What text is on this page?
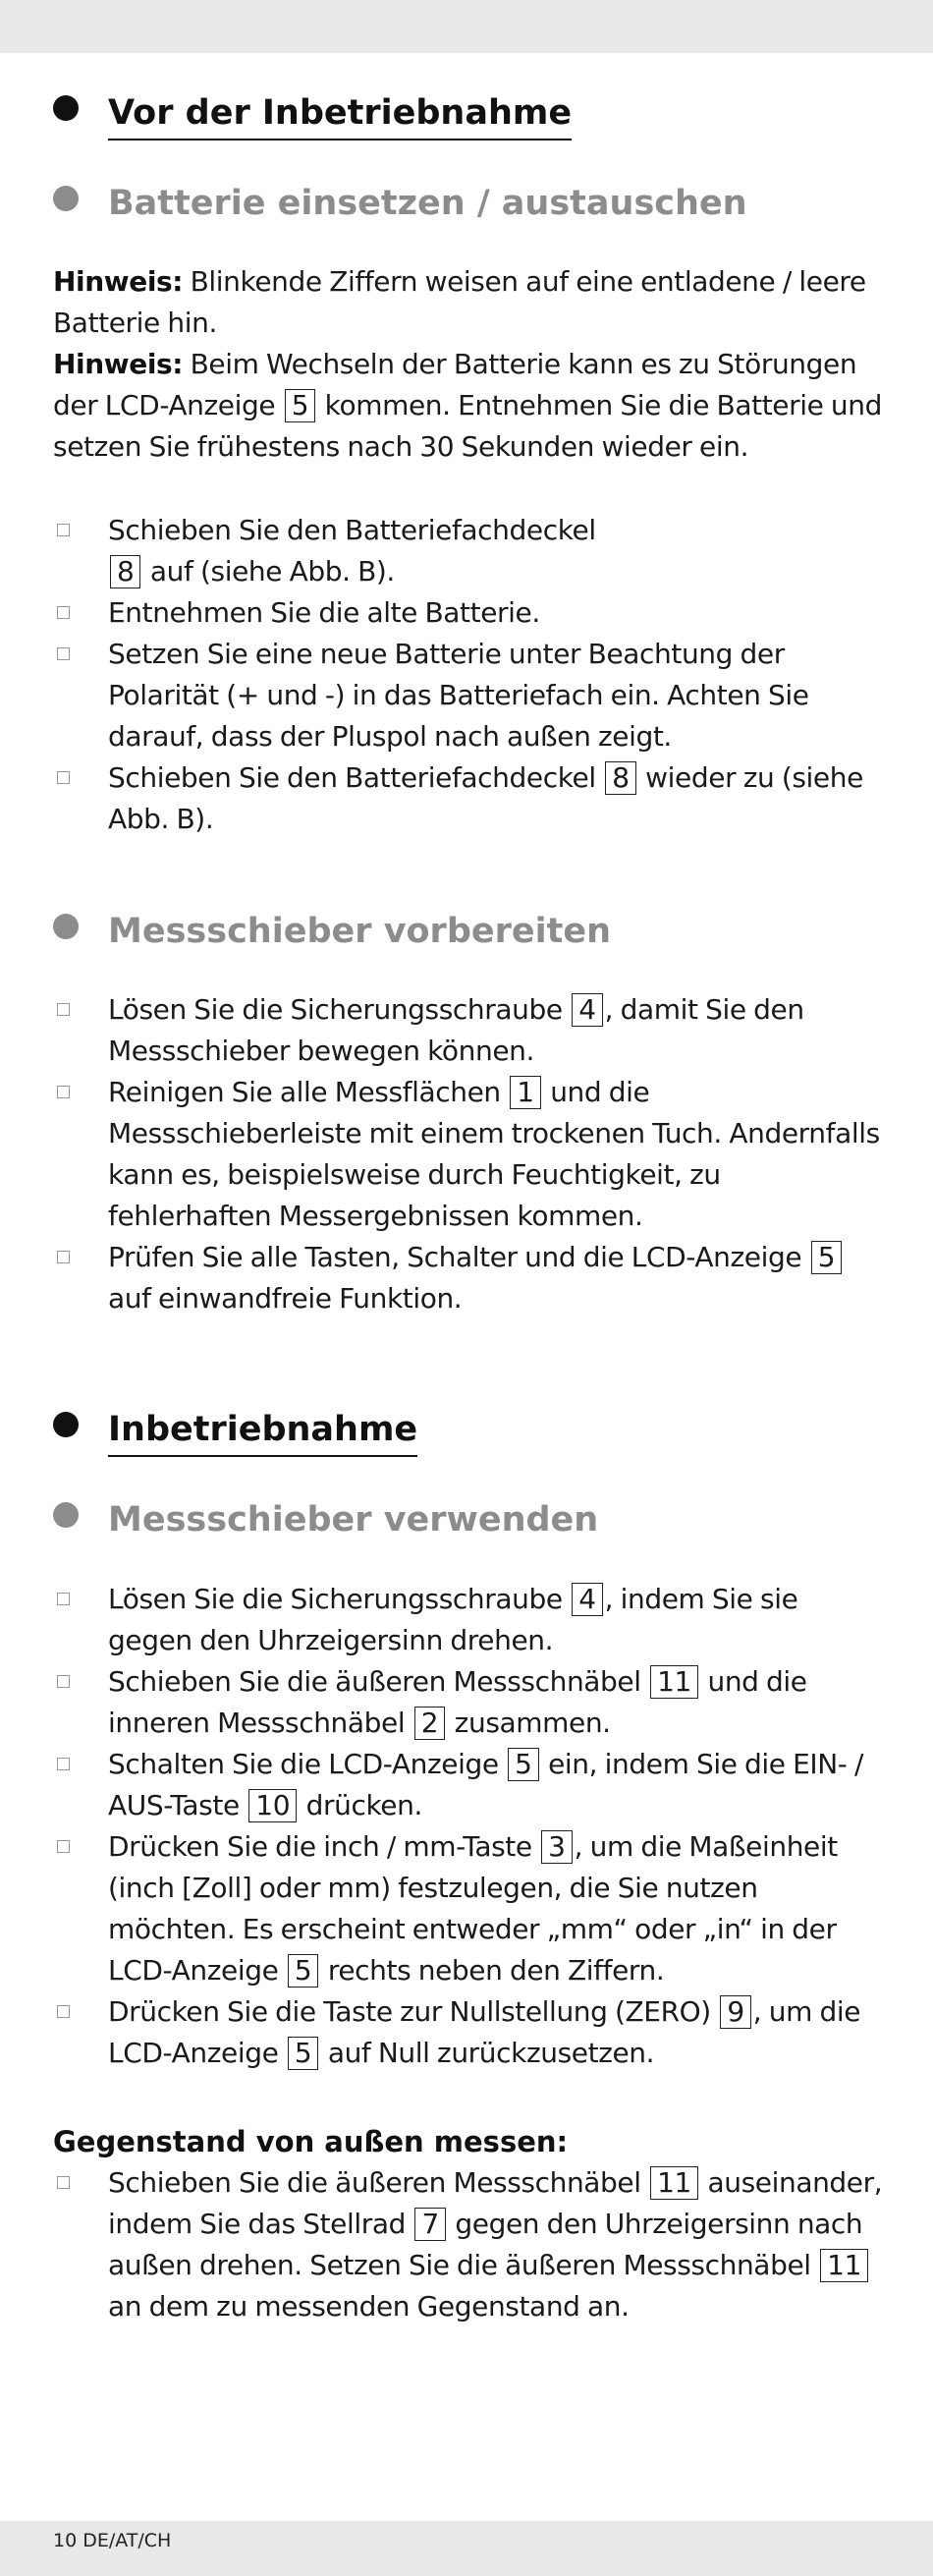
Vor der Inbetriebnahme
Batterie einsetzen / austauschen
Hinweis: Blinkende Ziffern weisen auf eine entladene / leere Batterie hin.
Hinweis: Beim Wechseln der Batterie kann es zu Störungen der LCD-Anzeige 5 kommen. Entnehmen Sie die Batterie und setzen Sie frühestens nach 30 Sekunden wieder ein.
Schieben Sie den Batteriefachdeckel 8 auf (siehe Abb. B).
Entnehmen Sie die alte Batterie.
Setzen Sie eine neue Batterie unter Beachtung der Polarität (+ und -) in das Batteriefach ein. Achten Sie darauf, dass der Pluspol nach außen zeigt.
Schieben Sie den Batteriefachdeckel 8 wieder zu (siehe Abb. B).
Messschieber vorbereiten
Lösen Sie die Sicherungsschraube 4 , damit Sie den Messschieber bewegen können.
Reinigen Sie alle Messflächen 1 und die Messschieberleiste mit einem trockenen Tuch. Andernfalls kann es, beispielsweise durch Feuchtigkeit, zu fehlerhaften Messergebnissen kommen.
Prüfen Sie alle Tasten, Schalter und die LCD-Anzeige 5 auf einwandfreie Funktion.
Inbetriebnahme
Messschieber verwenden
Lösen Sie die Sicherungsschraube 4 , indem Sie sie gegen den Uhrzeigersinn drehen.
Schieben Sie die äußeren Messschnäbel 11 und die inneren Messschnäbel 2 zusammen.
Schalten Sie die LCD-Anzeige 5 ein, indem Sie die EIN- / AUS-Taste 10 drücken.
Drücken Sie die inch / mm-Taste 3 , um die Maßeinheit (inch [Zoll] oder mm) festzulegen, die Sie nutzen möchten. Es erscheint entweder „mm“ oder „in“ in der LCD-Anzeige 5 rechts neben den Ziffern.
Drücken Sie die Taste zur Nullstellung (ZERO) 9 , um die LCD-Anzeige 5 auf Null zurückzusetzen.
Gegenstand von außen messen:
Schieben Sie die äußeren Messschnäbel 11 auseinander, indem Sie das Stellrad 7 gegen den Uhrzeigersinn nach außen drehen. Setzen Sie die äußeren Messschnäbel 11 an dem zu messenden Gegenstand an.
10 DE/AT/CH
